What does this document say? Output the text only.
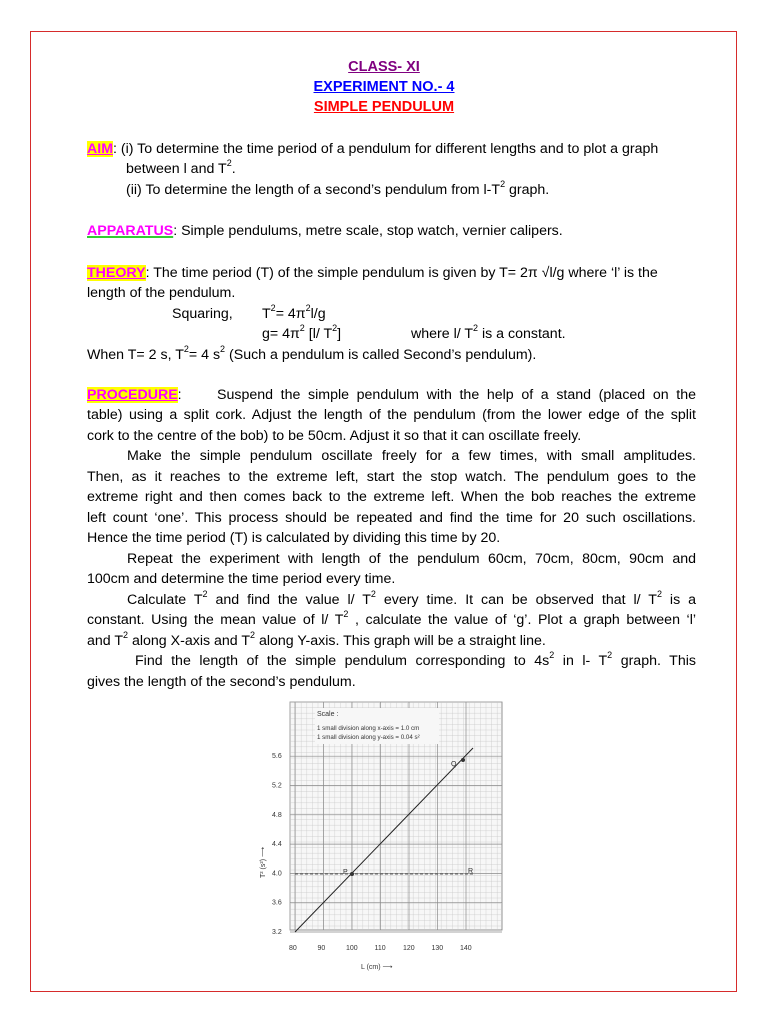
CLASS- XI
EXPERIMENT NO.- 4
SIMPLE PENDULUM
AIM: (i) To determine the time period of a pendulum for different lengths and to plot a graph
between l and $T^2$.
(ii) To determine the length of a second’s pendulum from $l-T^2$ graph.
APPARATUS: Simple pendulums, metre scale, stop watch, vernier calipers.
THEORY: The time period (T) of the simple pendulum is given by T= 2π √l/g where ‘l’ is the
length of the pendulum.
Squaring,	$T^2= 4\pi^2l/g$
$g= 4\pi^2$ [l/ $T^2$]	where l/ $T^2$ is a constant.
When T= 2 s, $T^2= 4$ $s^2$ (Such a pendulum is called Second’s pendulum).
PROCEDURE:	Suspend the simple pendulum with the help of a stand (placed on the
table) using a split cork. Adjust the length of the pendulum (from the lower edge of the split
cork to the centre of the bob) to be 50cm. Adjust it so that it can oscillate freely.
Make the simple pendulum oscillate freely for a few times, with small amplitudes.
Then, as it reaches to the extreme left, start the stop watch. The pendulum goes to the
extreme right and then comes back to the extreme left. When the bob reaches the extreme
left count ‘one’. This process should be repeated and find the time for 20 such oscillations.
Hence the time period (T) is calculated by dividing this time by 20.
Repeat the experiment with length of the pendulum 60cm, 70cm, 80cm, 90cm and
100cm and determine the time period every time.
Calculate $T^2$ and find the value l/ $T^2$ every time. It can be observed that l/ $T^2$ is a
constant. Using the mean value of l/ $T^2$ , calculate the value of ‘g’. Plot a graph between ‘l’
and $T^2$ along X-axis and $T^2$ along Y-axis. This graph will be a straight line.
Find the length of the simple pendulum corresponding to $4s^2$ in l- $T^2$ graph. This
gives the length of the second’s pendulum.
80	90	100 110 120 130 140
3.2
3.6
4.0
4.4
4.8
5.2
5.6
Scale :
1 small division along x-axis = 1.0 cm
1 small division along y-axis = 0.04 s²
P
Q
R
L (cm) ⟶
T² (s²) ⟶
